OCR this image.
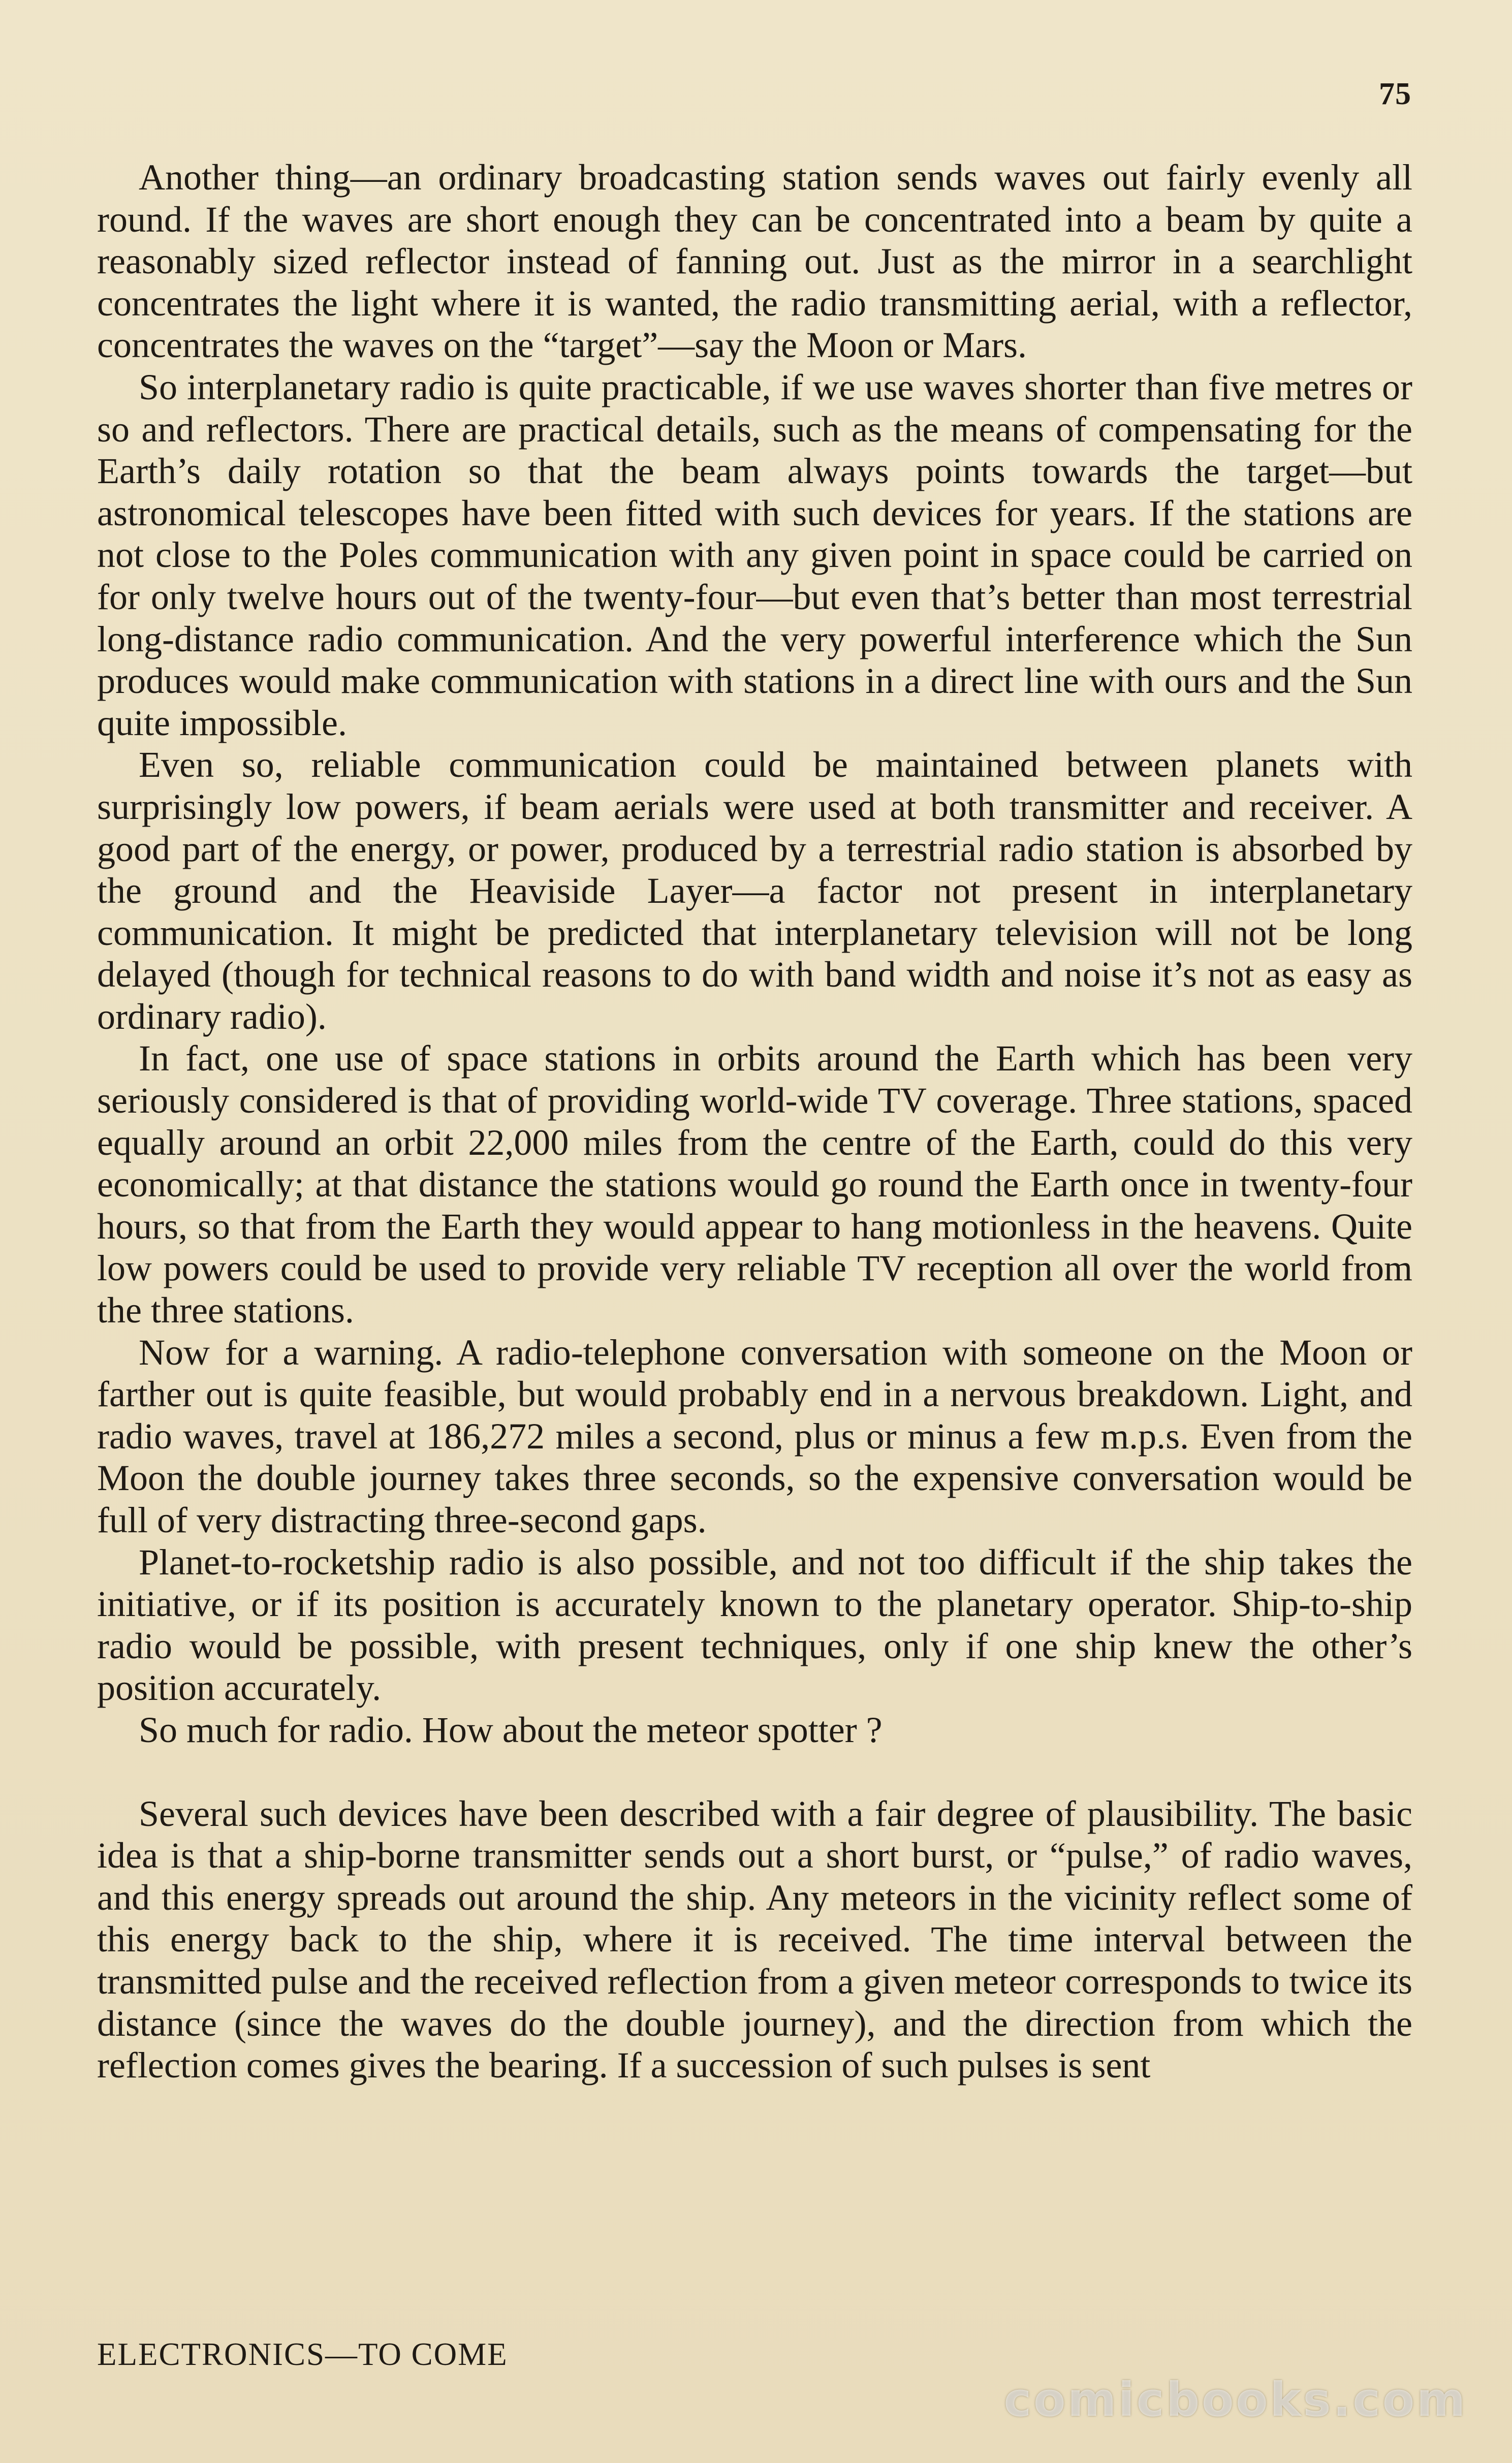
75

Another thing—an ordinary broadcasting station sends waves out fairly evenly all round. If the waves are short enough they can be concentrated into a beam by quite a reasonably sized reflector instead of fanning out. Just as the mirror in a searchlight concentrates the light where it is wanted, the radio transmitting aerial, with a reflector, concentrates the waves on the “target”—say the Moon or Mars.

So interplanetary radio is quite practicable, if we use waves shorter than five metres or so and reflectors. There are practical details, such as the means of compensating for the Earth’s daily rotation so that the beam always points towards the target—but astronomical telescopes have been fitted with such devices for years. If the stations are not close to the Poles communication with any given point in space could be carried on for only twelve hours out of the twenty-four—but even that’s better than most terrestrial long-distance radio communication. And the very powerful interference which the Sun produces would make communication with stations in a direct line with ours and the Sun quite impossible.

Even so, reliable communication could be maintained between planets with surprisingly low powers, if beam aerials were used at both transmitter and receiver. A good part of the energy, or power, produced by a terrestrial radio station is absorbed by the ground and the Heaviside Layer—a factor not present in interplanetary communication. It might be predicted that interplanetary television will not be long delayed (though for technical reasons to do with band width and noise it’s not as easy as ordinary radio).

In fact, one use of space stations in orbits around the Earth which has been very seriously considered is that of providing world-wide TV coverage. Three stations, spaced equally around an orbit 22,000 miles from the centre of the Earth, could do this very economically; at that distance the stations would go round the Earth once in twenty-four hours, so that from the Earth they would appear to hang motionless in the heavens. Quite low powers could be used to provide very reliable TV reception all over the world from the three stations.

Now for a warning. A radio-telephone conversation with someone on the Moon or farther out is quite feasible, but would probably end in a nervous breakdown. Light, and radio waves, travel at 186,272 miles a second, plus or minus a few m.p.s. Even from the Moon the double journey takes three seconds, so the expensive conversation would be full of very distracting three-second gaps.

Planet-to-rocketship radio is also possible, and not too difficult if the ship takes the initiative, or if its position is accurately known to the planetary operator. Ship-to-ship radio would be possible, with present techniques, only if one ship knew the other’s position accurately.

So much for radio. How about the meteor spotter ?

Several such devices have been described with a fair degree of plausibility. The basic idea is that a ship-borne transmitter sends out a short burst, or “pulse,” of radio waves, and this energy spreads out around the ship. Any meteors in the vicinity reflect some of this energy back to the ship, where it is received. The time interval between the transmitted pulse and the received reflection from a given meteor corresponds to twice its distance (since the waves do the double journey), and the direction from which the reflection comes gives the bearing. If a succession of such pulses is sent

ELECTRONICS—TO COME
comicbooks.com
